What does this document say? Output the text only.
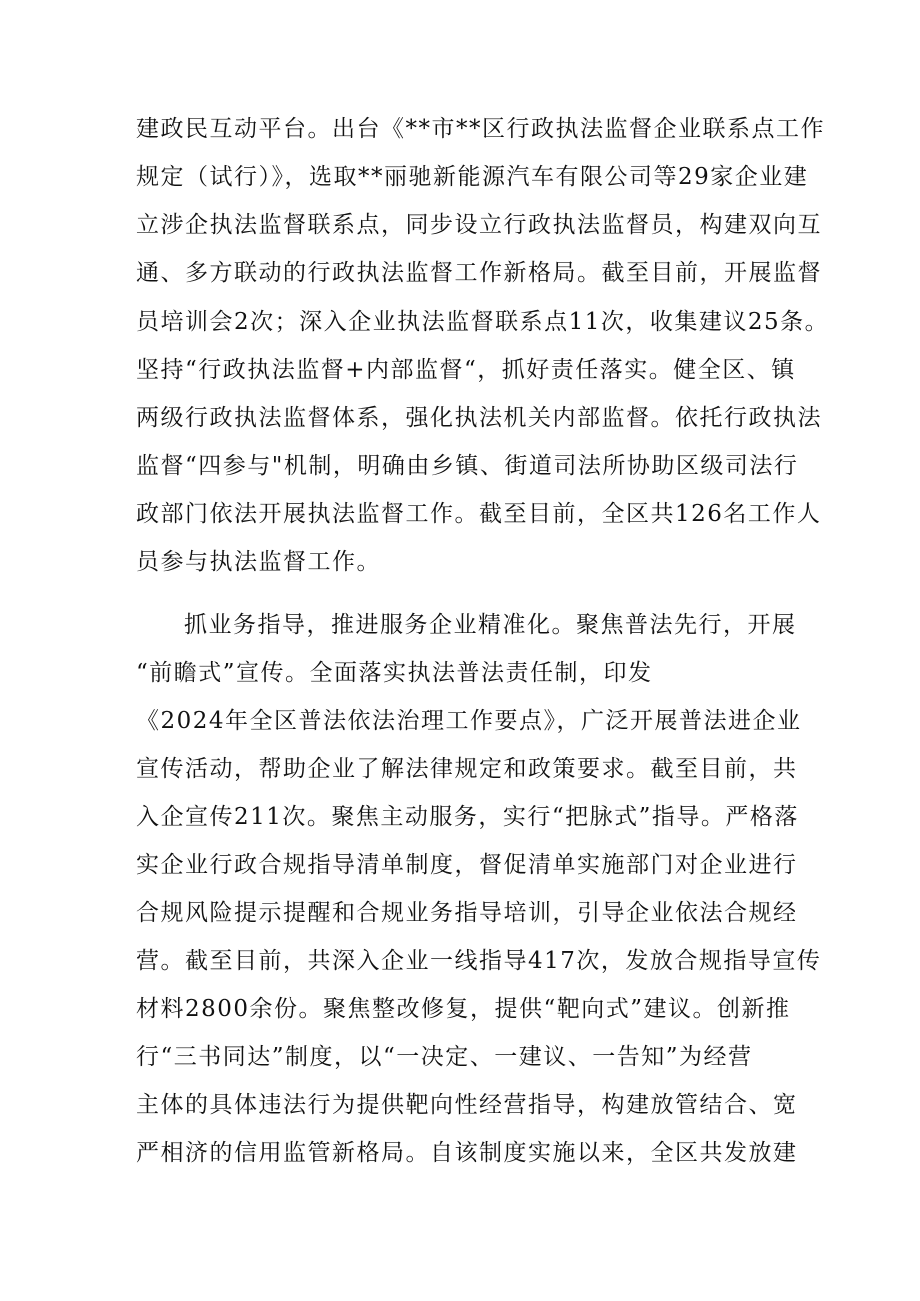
建政民互动平台。出台《**市**区行政执法监督企业联系点工作

规定（试行）》，选取**丽驰新能源汽车有限公司等29家企业建

立涉企执法监督联系点，同步设立行政执法监督员，构建双向互

通、多方联动的行政执法监督工作新格局。截至目前，开展监督

员培训会2次；深入企业执法监督联系点11次，收集建议25条。

坚持“行政执法监督+内部监督“，抓好责任落实。健全区、镇

两级行政执法监督体系，强化执法机关内部监督。依托行政执法

监督“四参与"机制，明确由乡镇、街道司法所协助区级司法行

政部门依法开展执法监督工作。截至目前，全区共126名工作人

员参与执法监督工作。

抓业务指导，推进服务企业精准化。聚焦普法先行，开展

“前瞻式”宣传。全面落实执法普法责任制，印发

《2024年全区普法依法治理工作要点》，广泛开展普法进企业

宣传活动，帮助企业了解法律规定和政策要求。截至目前，共

入企宣传211次。聚焦主动服务，实行“把脉式”指导。严格落

实企业行政合规指导清单制度，督促清单实施部门对企业进行

合规风险提示提醒和合规业务指导培训，引导企业依法合规经

营。截至目前，共深入企业一线指导417次，发放合规指导宣传

材料2800余份。聚焦整改修复，提供“靶向式”建议。创新推

行“三书同达”制度，以“一决定、一建议、一告知”为经营

主体的具体违法行为提供靶向性经营指导，构建放管结合、宽

严相济的信用监管新格局。自该制度实施以来，全区共发放建
